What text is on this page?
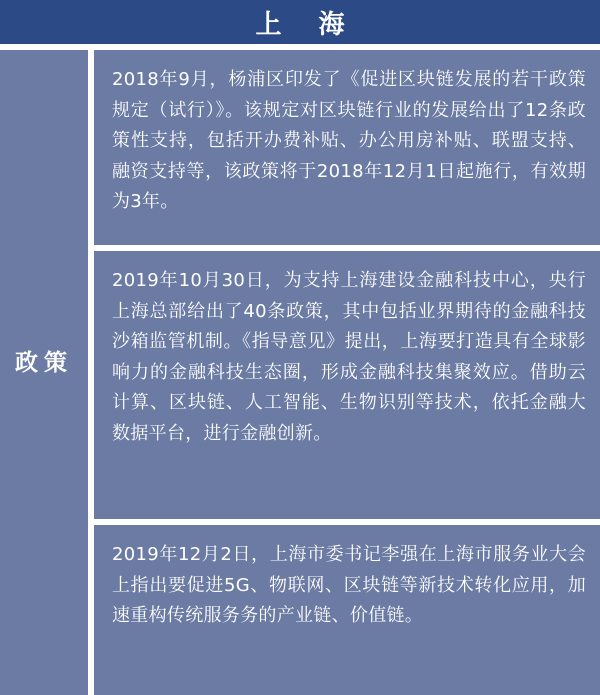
上 海
政策

2018年9月，杨浦区印发了《促进区块链发展的若干政策规定（试行）》。该规定对区块链行业的发展给出了12条政策性支持，包括开办费补贴、办公用房补贴、联盟支持、融资支持等，该政策将于2018年12月1日起施行，有效期为3年。

2019年10月30日，为支持上海建设金融科技中心，央行上海总部给出了40条政策，其中包括业界期待的金融科技沙箱监管机制。《指导意见》提出，上海要打造具有全球影响力的金融科技生态圈，形成金融科技集聚效应。借助云计算、区块链、人工智能、生物识别等技术，依托金融大数据平台，进行金融创新。

2019年12月2日，上海市委书记李强在上海市服务业大会上指出要促进5G、物联网、区块链等新技术转化应用，加速重构传统服务务的产业链、价值链。
